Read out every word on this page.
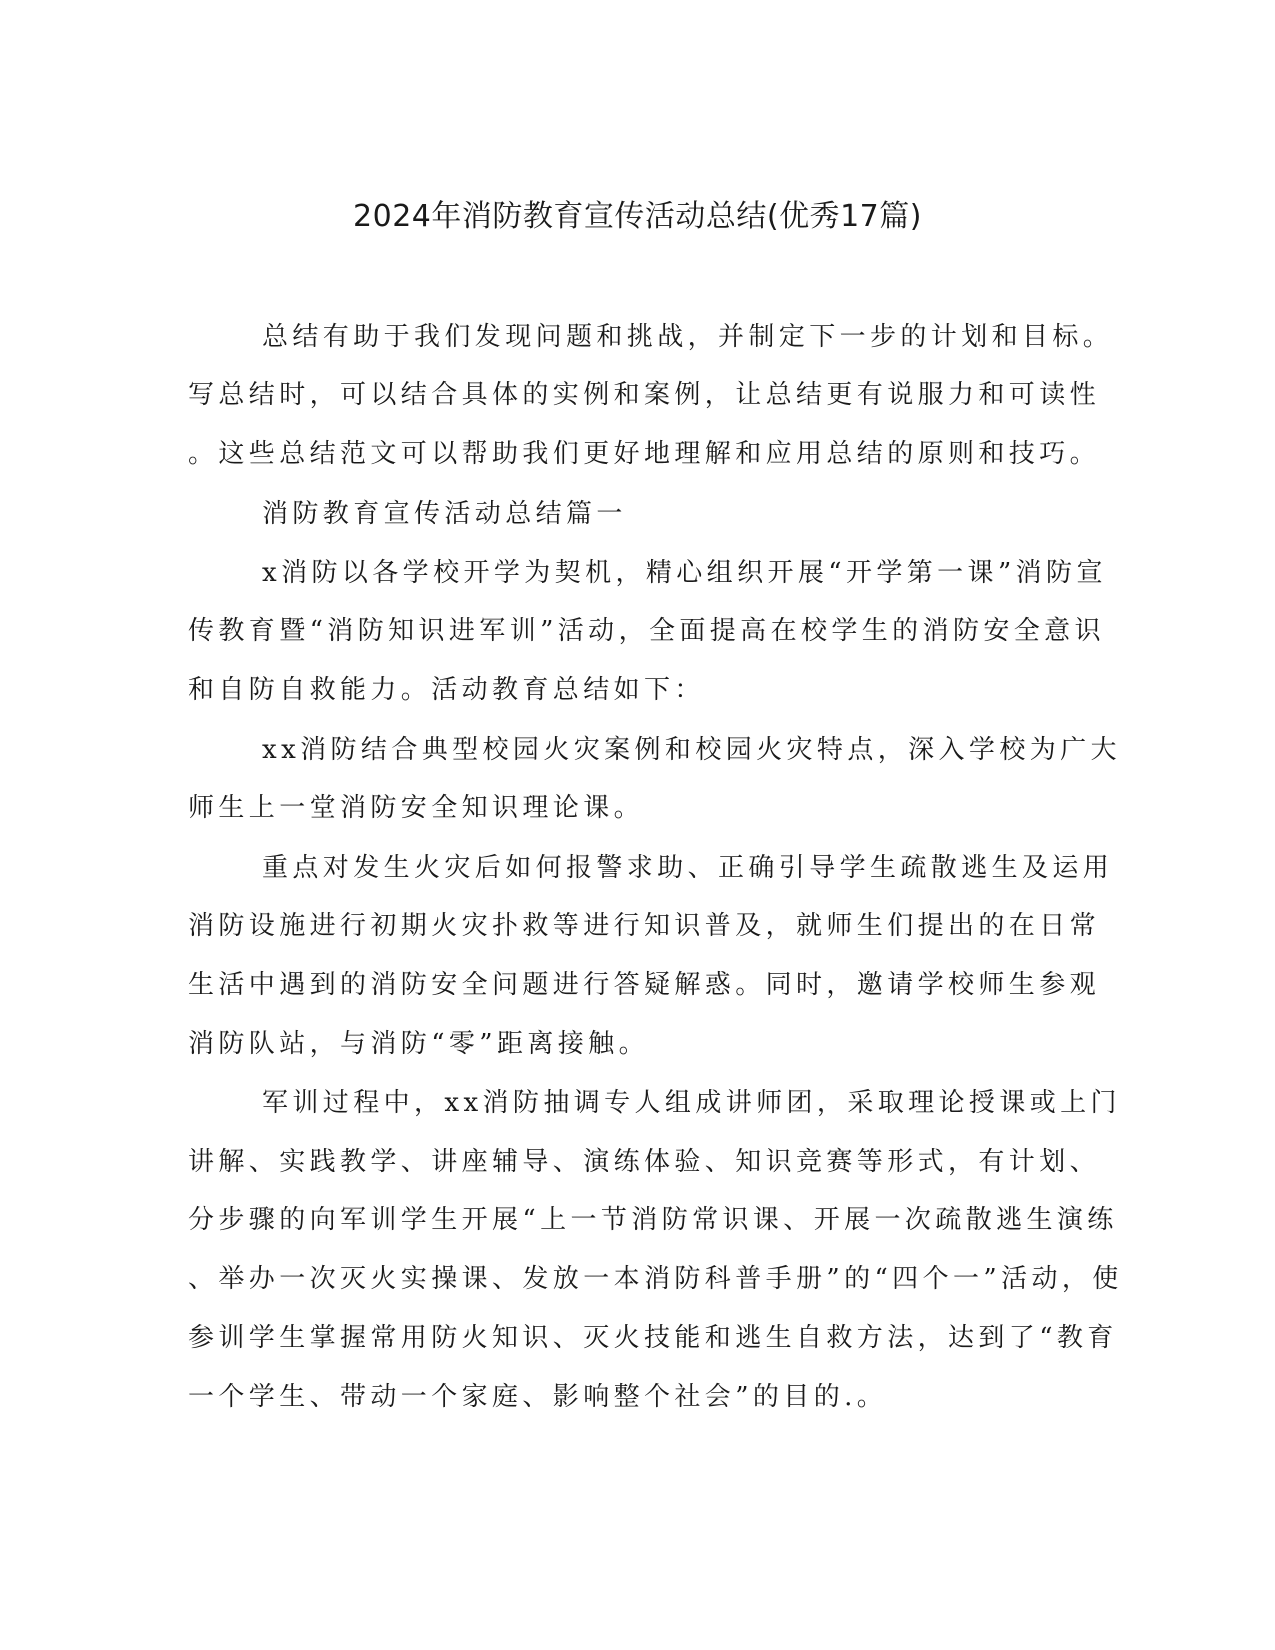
2024年消防教育宣传活动总结(优秀17篇)
总结有助于我们发现问题和挑战，并制定下一步的计划和目标。
写总结时，可以结合具体的实例和案例，让总结更有说服力和可读性
。这些总结范文可以帮助我们更好地理解和应用总结的原则和技巧。
消防教育宣传活动总结篇一
x消防以各学校开学为契机，精心组织开展“开学第一课”消防宣
传教育暨“消防知识进军训”活动，全面提高在校学生的消防安全意识
和自防自救能力。活动教育总结如下：
xx消防结合典型校园火灾案例和校园火灾特点，深入学校为广大
师生上一堂消防安全知识理论课。
重点对发生火灾后如何报警求助、正确引导学生疏散逃生及运用
消防设施进行初期火灾扑救等进行知识普及，就师生们提出的在日常
生活中遇到的消防安全问题进行答疑解惑。同时，邀请学校师生参观
消防队站，与消防“零”距离接触。
军训过程中，xx消防抽调专人组成讲师团，采取理论授课或上门
讲解、实践教学、讲座辅导、演练体验、知识竞赛等形式，有计划、
分步骤的向军训学生开展“上一节消防常识课、开展一次疏散逃生演练
、举办一次灭火实操课、发放一本消防科普手册”的“四个一”活动，使
参训学生掌握常用防火知识、灭火技能和逃生自救方法，达到了“教育
一个学生、带动一个家庭、影响整个社会”的目的.。
